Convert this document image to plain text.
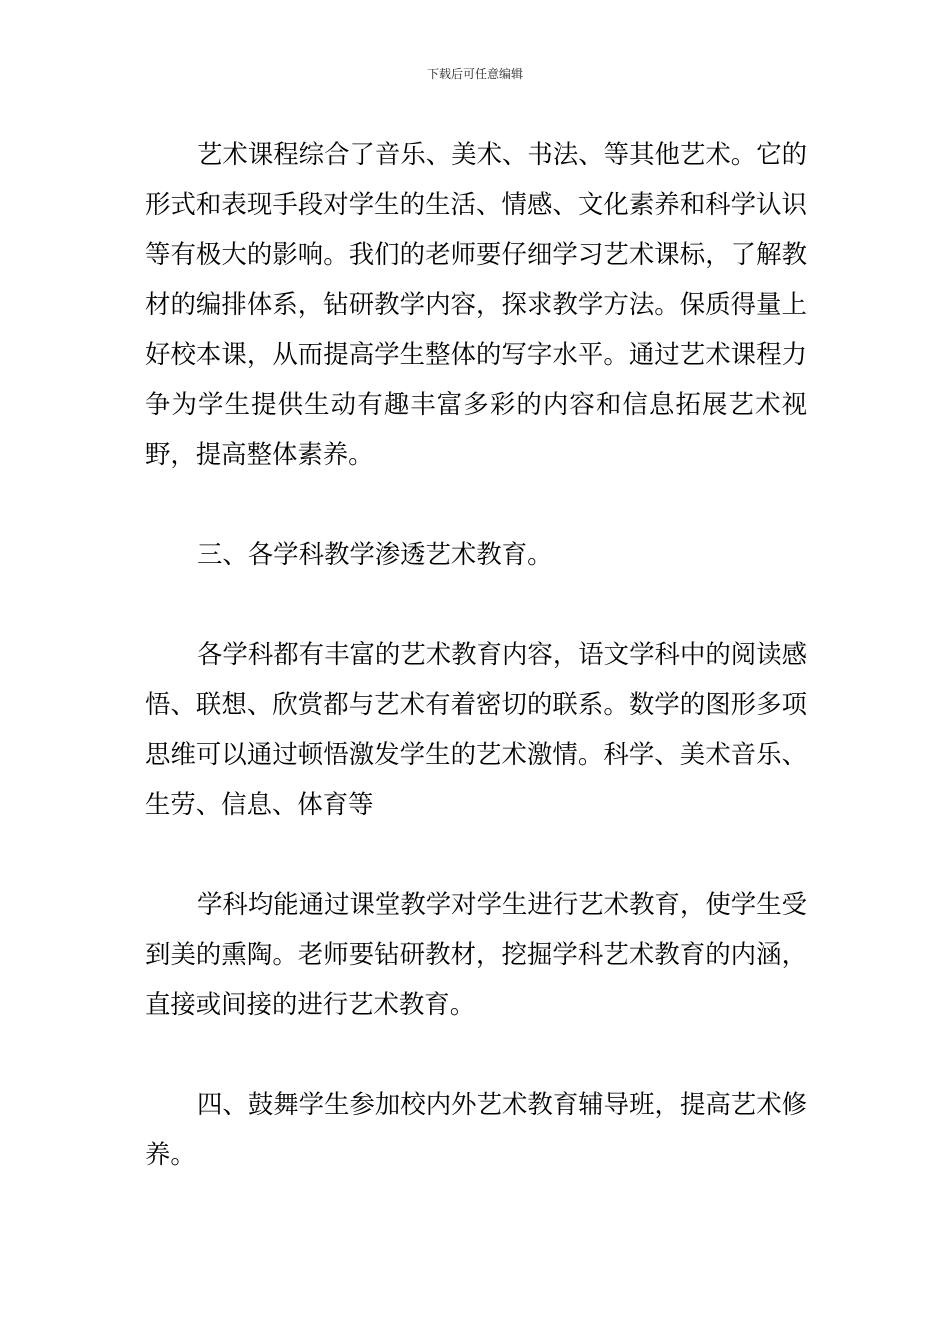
下载后可任意编辑

艺术课程综合了音乐、美术、书法、等其他艺术。它的形式和表现手段对学生的生活、情感、文化素养和科学认识等有极大的影响。我们的老师要仔细学习艺术课标，了解教材的编排体系，钻研教学内容，探求教学方法。保质得量上好校本课，从而提高学生整体的写字水平。通过艺术课程力争为学生提供生动有趣丰富多彩的内容和信息拓展艺术视野，提高整体素养。

三、各学科教学渗透艺术教育。

各学科都有丰富的艺术教育内容，语文学科中的阅读感悟、联想、欣赏都与艺术有着密切的联系。数学的图形多项思维可以通过顿悟激发学生的艺术激情。科学、美术音乐、生劳、信息、体育等

学科均能通过课堂教学对学生进行艺术教育，使学生受到美的熏陶。老师要钻研教材，挖掘学科艺术教育的内涵，直接或间接的进行艺术教育。

四、鼓舞学生参加校内外艺术教育辅导班，提高艺术修养。
